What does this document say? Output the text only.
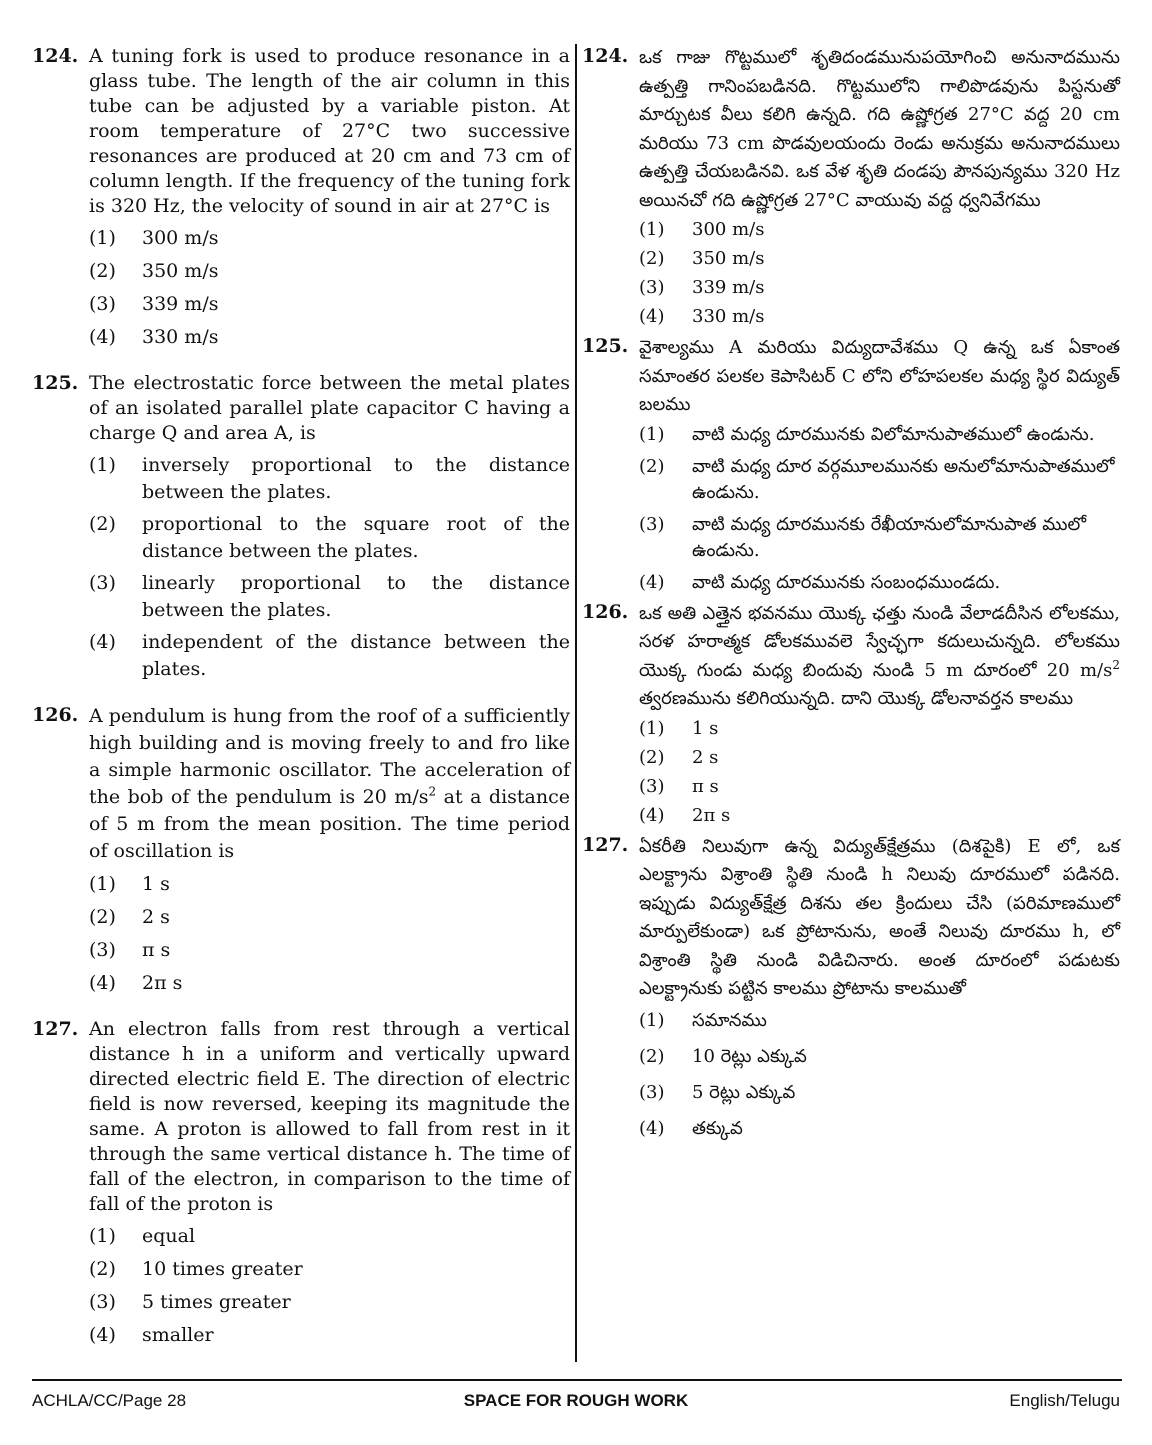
124. A tuning fork is used to produce resonance in a glass tube. The length of the air column in this tube can be adjusted by a variable piston. At room temperature of 27°C two successive resonances are produced at 20 cm and 73 cm of column length. If the frequency of the tuning fork is 320 Hz, the velocity of sound in air at 27°C is
(1) 300 m/s
(2) 350 m/s
(3) 339 m/s
(4) 330 m/s
125. The electrostatic force between the metal plates of an isolated parallel plate capacitor C having a charge Q and area A, is
(1) inversely proportional to the distance between the plates.
(2) proportional to the square root of the distance between the plates.
(3) linearly proportional to the distance between the plates.
(4) independent of the distance between the plates.
126. A pendulum is hung from the roof of a sufficiently high building and is moving freely to and fro like a simple harmonic oscillator. The acceleration of the bob of the pendulum is 20 $m/s^2$ at a distance of 5 m from the mean position. The time period of oscillation is
(1) 1 s
(2) 2 s
(3) π s
(4) 2π s
127. An electron falls from rest through a vertical distance h in a uniform and vertically upward directed electric field E. The direction of electric field is now reversed, keeping its magnitude the same. A proton is allowed to fall from rest in it through the same vertical distance h. The time of fall of the electron, in comparison to the time of fall of the proton is
(1) equal
(2) 10 times greater
(3) 5 times greater
(4) smaller
124. ఒక గాజు గొట్టములో శృతిదండమునుపయోగించి అనునాదమును ఉత్పత్తి గానింపబడినది. గొట్టములోని గాలిపొడవును పిస్టనుతో మార్చుటక వీలు కలిగి ఉన్నది. గది ఉష్ణోగ్రత 27°C వద్ద 20 cm మరియు 73 cm పొడవులయందు రెండు అనుక్రమ అనునాదములు ఉత్పత్తి చేయబడినవి. ఒక వేళ శృతి దండపు పౌనపున్యము 320 Hz అయినచో గది ఉష్ణోగ్రత 27°C వాయువు వద్ద ధ్వనివేగము
(1) 300 m/s
(2) 350 m/s
(3) 339 m/s
(4) 330 m/s
125. వైశాల్యము A మరియు విద్యుదావేశము Q ఉన్న ఒక ఏకాంత సమాంతర పలకల కెపాసిటర్ C లోని లోహపలకల మధ్య స్థిర విద్యుత్ బలము
(1) వాటి మధ్య దూరమునకు విలోమానుపాతములో ఉండును.
(2) వాటి మధ్య దూర వర్గమూలమునకు అనులోమానుపాతములో ఉండును.
(3) వాటి మధ్య దూరమునకు రేఖీయానులోమానుపాత ములో ఉండును.
(4) వాటి మధ్య దూరమునకు సంబంధముండదు.
126. ఒక అతి ఎత్తైన భవనము యొక్క ఛత్తు నుండి వేలాడదీసిన లోలకము, సరళ హరాత్మక డోలకమువలె స్వేచ్ఛగా కదులుచున్నది. లోలకము యొక్క గుండు మధ్య బిందువు నుండి 5 m దూరంలో 20 $m/s^2$ త్వరణమును కలిగియున్నది. దాని యొక్క డోలనావర్తన కాలము
(1) 1 s
(2) 2 s
(3) π s
(4) 2π s
127. ఏకరీతి నిలువుగా ఉన్న విద్యుత్‌క్షేత్రము (దిశపైకి) E లో, ఒక ఎలక్ట్రాను విశ్రాంతి స్థితి నుండి h నిలువు దూరములో పడినది. ఇప్పుడు విద్యుత్‌క్షేత్ర దిశను తల క్రిందులు చేసి (పరిమాణములో మార్పులేకుండా) ఒక ప్రోటానును, అంతే నిలువు దూరము h, లో విశ్రాంతి స్థితి నుండి విడిచినారు. అంత దూరంలో పడుటకు ఎలక్ట్రానుకు పట్టిన కాలము ప్రోటాను కాలముతో
(1) సమానము
(2) 10 రెట్లు ఎక్కువ
(3) 5 రెట్లు ఎక్కువ
(4) తక్కువ
ACHLA/CC/Page 28	SPACE FOR ROUGH WORK	English/Telugu
